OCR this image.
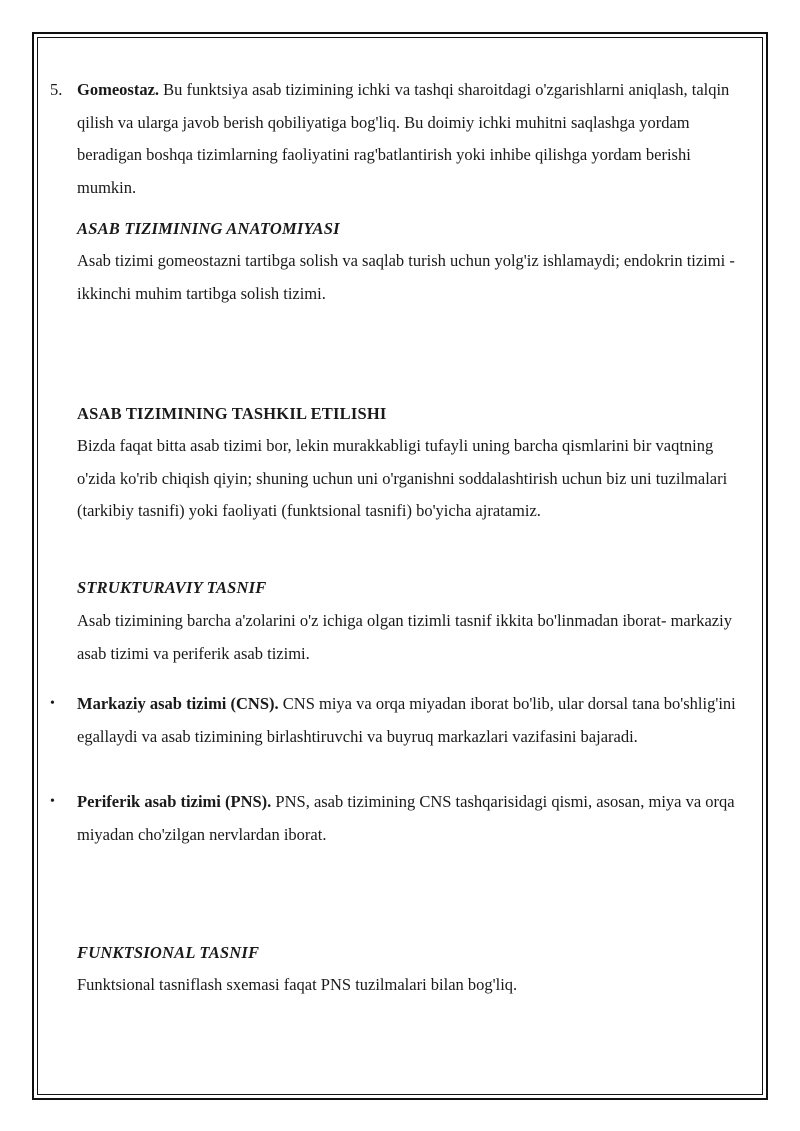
5. Gomeostaz. Bu funktsiya asab tizimining ichki va tashqi sharoitdagi o'zgarishlarni aniqlash, talqin qilish va ularga javob berish qobiliyatiga bog'liq. Bu doimiy ichki muhitni saqlashga yordam beradigan boshqa tizimlarning faoliyatini rag'batlantirish yoki inhibe qilishga yordam berishi mumkin.
ASAB TIZIMINING ANATOMIYASI
Asab tizimi gomeostazni tartibga solish va saqlab turish uchun yolg'iz ishlamaydi; endokrin tizimi - ikkinchi muhim tartibga solish tizimi.
ASAB TIZIMINING TASHKIL ETILISHI
Bizda faqat bitta asab tizimi bor, lekin murakkabligi tufayli uning barcha qismlarini bir vaqtning o'zida ko'rib chiqish qiyin; shuning uchun uni o'rganishni soddalashtirish uchun biz uni tuzilmalari (tarkibiy tasnifi) yoki faoliyati (funktsional tasnifi) bo'yicha ajratamiz.
STRUKTURAVIY TASNIF
Asab tizimining barcha a'zolarini o'z ichiga olgan tizimli tasnif ikkita bo'linmadan iborat- markaziy asab tizimi va periferik asab tizimi.
• Markaziy asab tizimi (CNS). CNS miya va orqa miyadan iborat bo'lib, ular dorsal tana bo'shlig'ini egallaydi va asab tizimining birlashtiruvchi va buyruq markazlari vazifasini bajaradi.
• Periferik asab tizimi (PNS). PNS, asab tizimining CNS tashqarisidagi qismi, asosan, miya va orqa miyadan cho'zilgan nervlardan iborat.
FUNKTSIONAL TASNIF
Funktsional tasniflash sxemasi faqat PNS tuzilmalari bilan bog'liq.
